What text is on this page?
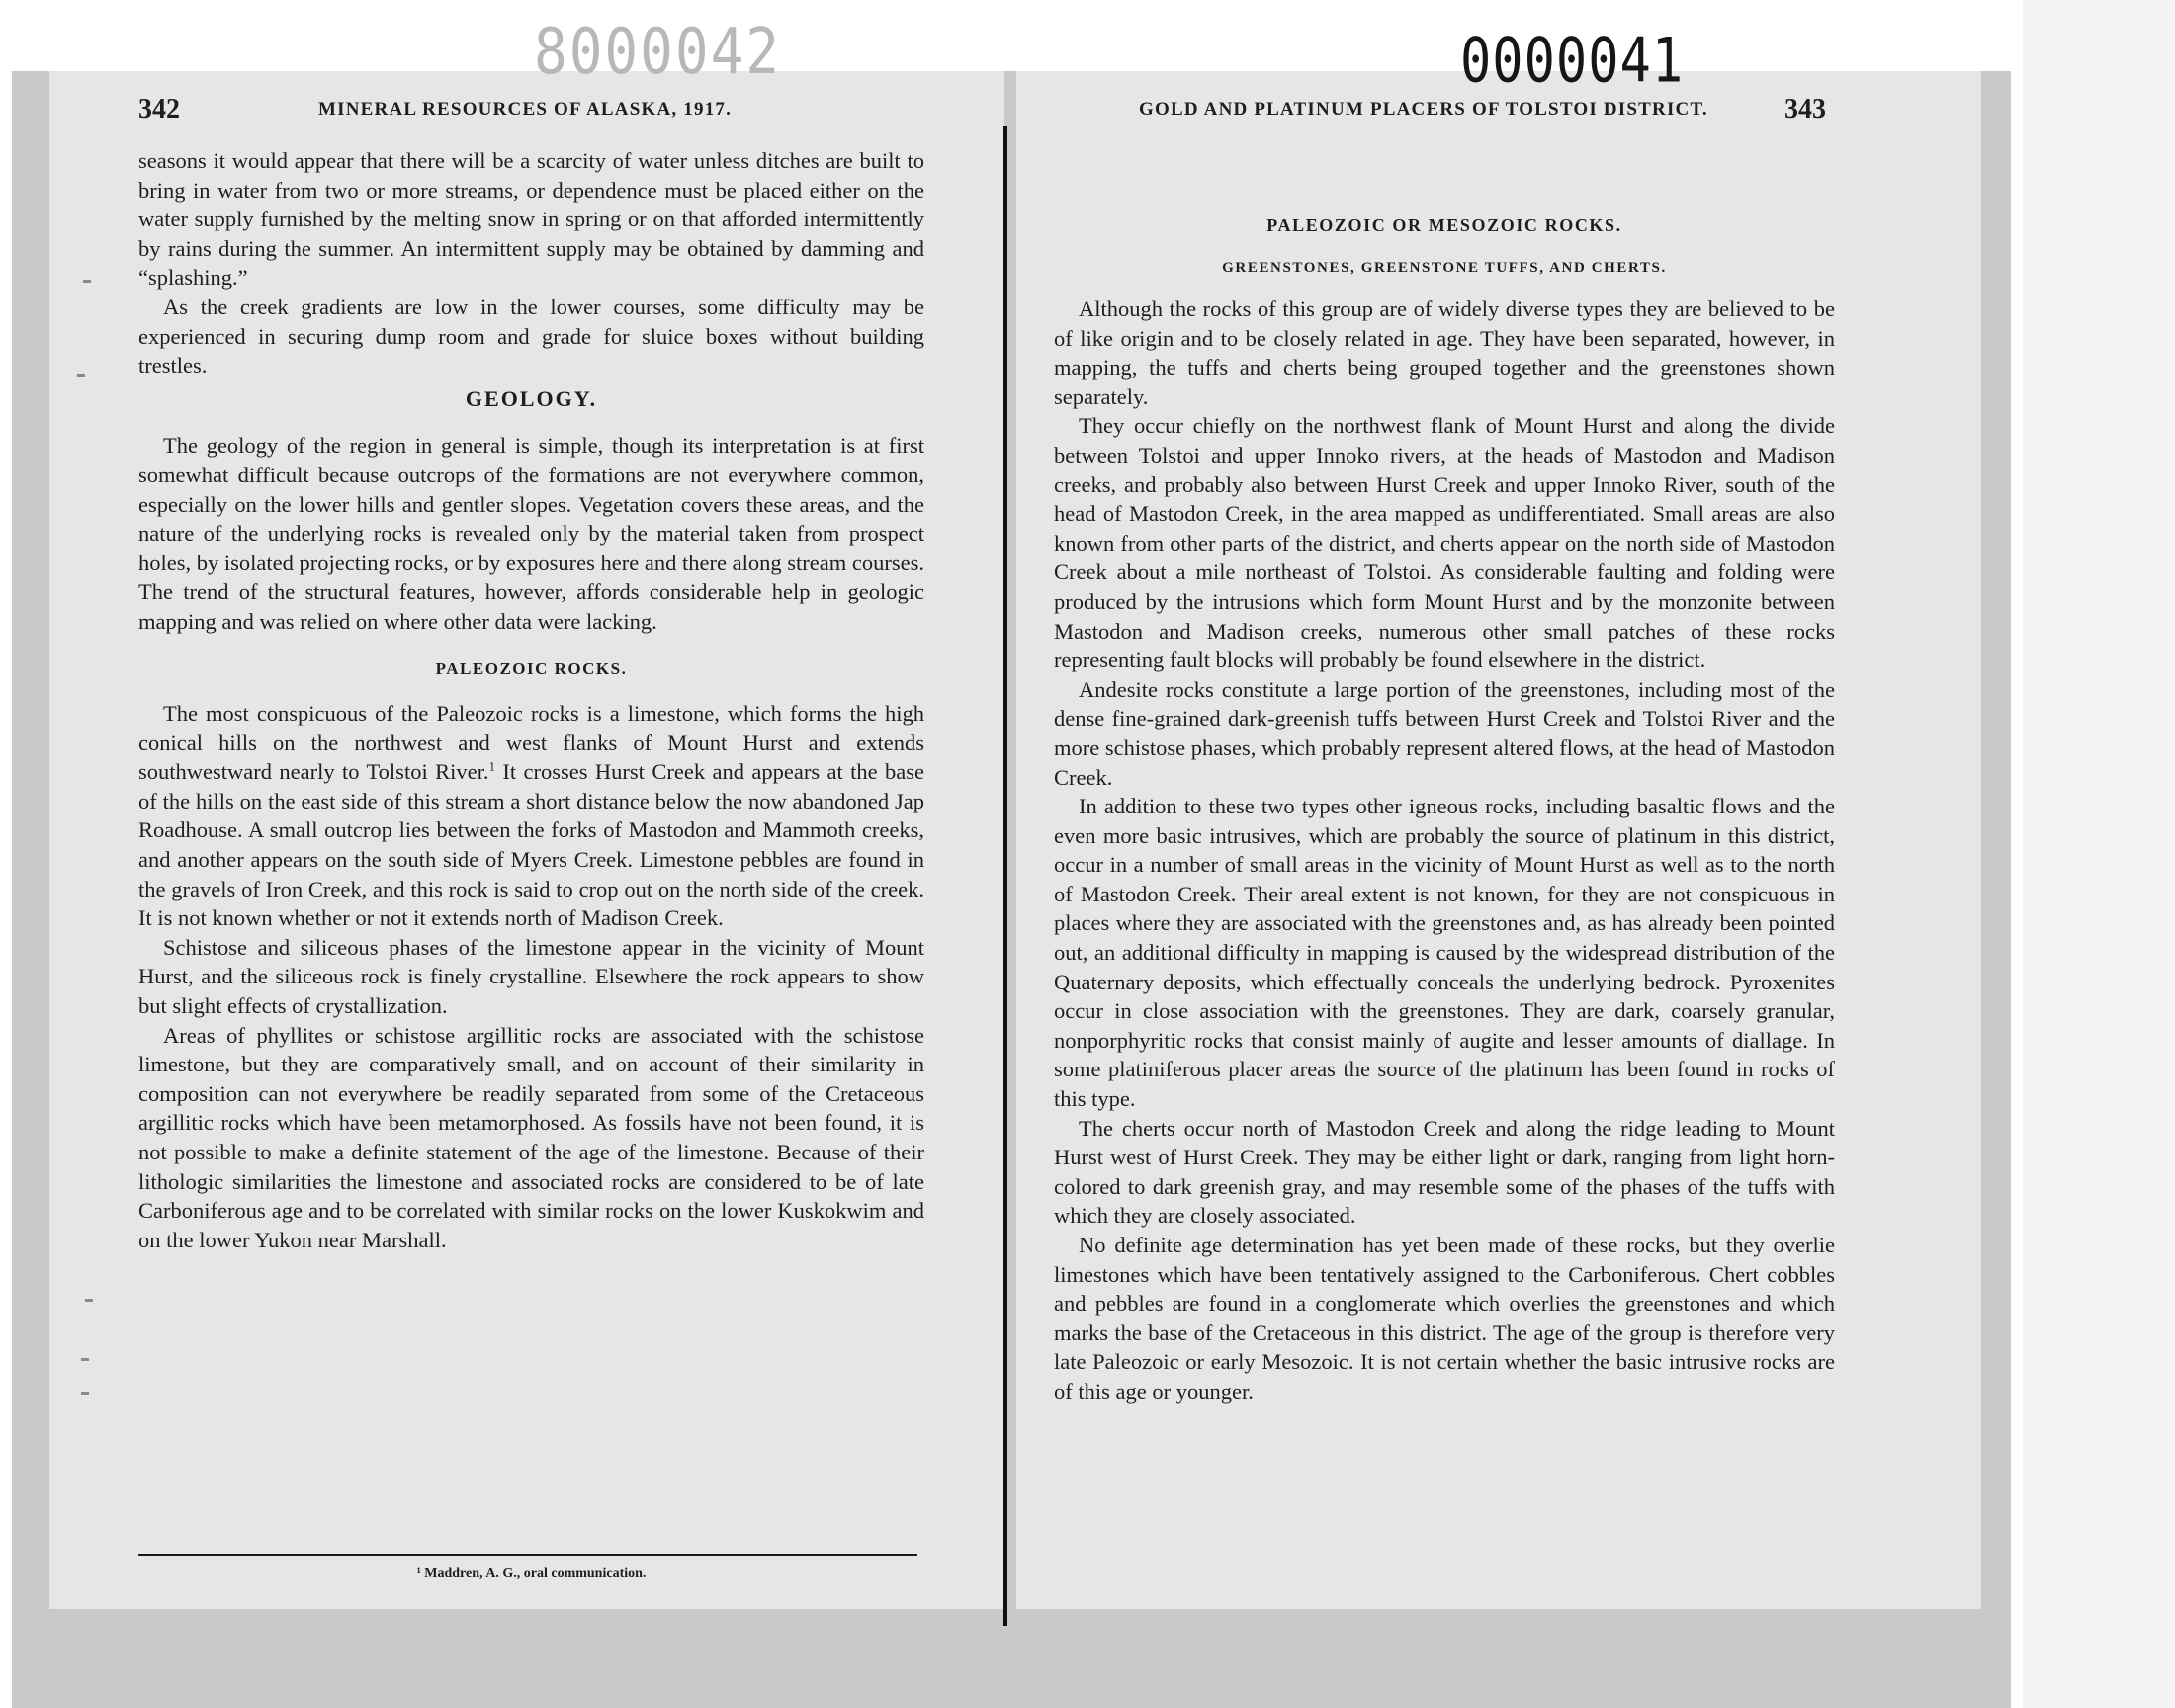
8000042	0000041
342	MINERAL RESOURCES OF ALASKA, 1917.	GOLD AND PLATINUM PLACERS OF TOLSTOI DISTRICT.	343

seasons it would appear that there will be a scarcity of water unless ditches are built to bring in water from two or more streams, or dependence must be placed either on the water supply furnished by the melting snow in spring or on that afforded intermittently by rains during the summer. An intermittent supply may be obtained by damming and “splashing.”

As the creek gradients are low in the lower courses, some difficulty may be experienced in securing dump room and grade for sluice boxes without building trestles.

GEOLOGY.

The geology of the region in general is simple, though its interpretation is at first somewhat difficult because outcrops of the formations are not everywhere common, especially on the lower hills and gentler slopes. Vegetation covers these areas, and the nature of the underlying rocks is revealed only by the material taken from prospect holes, by isolated projecting rocks, or by exposures here and there along stream courses. The trend of the structural features, however, affords considerable help in geologic mapping and was relied on where other data were lacking.

PALEOZOIC ROCKS.

The most conspicuous of the Paleozoic rocks is a limestone, which forms the high conical hills on the northwest and west flanks of Mount Hurst and extends southwestward nearly to Tolstoi River.$^1$ It crosses Hurst Creek and appears at the base of the hills on the east side of this stream a short distance below the now abandoned Jap Roadhouse. A small outcrop lies between the forks of Mastodon and Mammoth creeks, and another appears on the south side of Myers Creek. Limestone pebbles are found in the gravels of Iron Creek, and this rock is said to crop out on the north side of the creek. It is not known whether or not it extends north of Madison Creek.

Schistose and siliceous phases of the limestone appear in the vicinity of Mount Hurst, and the siliceous rock is finely crystalline. Elsewhere the rock appears to show but slight effects of crystallization.

Areas of phyllites or schistose argillitic rocks are associated with the schistose limestone, but they are comparatively small, and on account of their similarity in composition can not everywhere be readily separated from some of the Cretaceous argillitic rocks which have been metamorphosed. As fossils have not been found, it is not possible to make a definite statement of the age of the limestone. Because of their lithologic similarities the limestone and associated rocks are considered to be of late Carboniferous age and to be correlated with similar rocks on the lower Kuskokwim and on the lower Yukon near Marshall.

¹ Maddren, A. G., oral communication.
PALEOZOIC OR MESOZOIC ROCKS.
GREENSTONES, GREENSTONE TUFFS, AND CHERTS.

Although the rocks of this group are of widely diverse types they are believed to be of like origin and to be closely related in age. They have been separated, however, in mapping, the tuffs and cherts being grouped together and the greenstones shown separately.

They occur chiefly on the northwest flank of Mount Hurst and along the divide between Tolstoi and upper Innoko rivers, at the heads of Mastodon and Madison creeks, and probably also between Hurst Creek and upper Innoko River, south of the head of Mastodon Creek, in the area mapped as undifferentiated. Small areas are also known from other parts of the district, and cherts appear on the north side of Mastodon Creek about a mile northeast of Tolstoi. As considerable faulting and folding were produced by the intrusions which form Mount Hurst and by the monzonite between Mastodon and Madison creeks, numerous other small patches of these rocks representing fault blocks will probably be found elsewhere in the district.

Andesite rocks constitute a large portion of the greenstones, including most of the dense fine-grained dark-greenish tuffs between Hurst Creek and Tolstoi River and the more schistose phases, which probably represent altered flows, at the head of Mastodon Creek.

In addition to these two types other igneous rocks, including basaltic flows and the even more basic intrusives, which are probably the source of platinum in this district, occur in a number of small areas in the vicinity of Mount Hurst as well as to the north of Mastodon Creek. Their areal extent is not known, for they are not conspicuous in places where they are associated with the greenstones and, as has already been pointed out, an additional difficulty in mapping is caused by the widespread distribution of the Quaternary deposits, which effectually conceals the underlying bedrock. Pyroxenites occur in close association with the greenstones. They are dark, coarsely granular, nonporphyritic rocks that consist mainly of augite and lesser amounts of diallage. In some platiniferous placer areas the source of the platinum has been found in rocks of this type.

The cherts occur north of Mastodon Creek and along the ridge leading to Mount Hurst west of Hurst Creek. They may be either light or dark, ranging from light horn-colored to dark greenish gray, and may resemble some of the phases of the tuffs with which they are closely associated.

No definite age determination has yet been made of these rocks, but they overlie limestones which have been tentatively assigned to the Carboniferous. Chert cobbles and pebbles are found in a conglomerate which overlies the greenstones and which marks the base of the Cretaceous in this district. The age of the group is therefore very late Paleozoic or early Mesozoic. It is not certain whether the basic intrusive rocks are of this age or younger.
